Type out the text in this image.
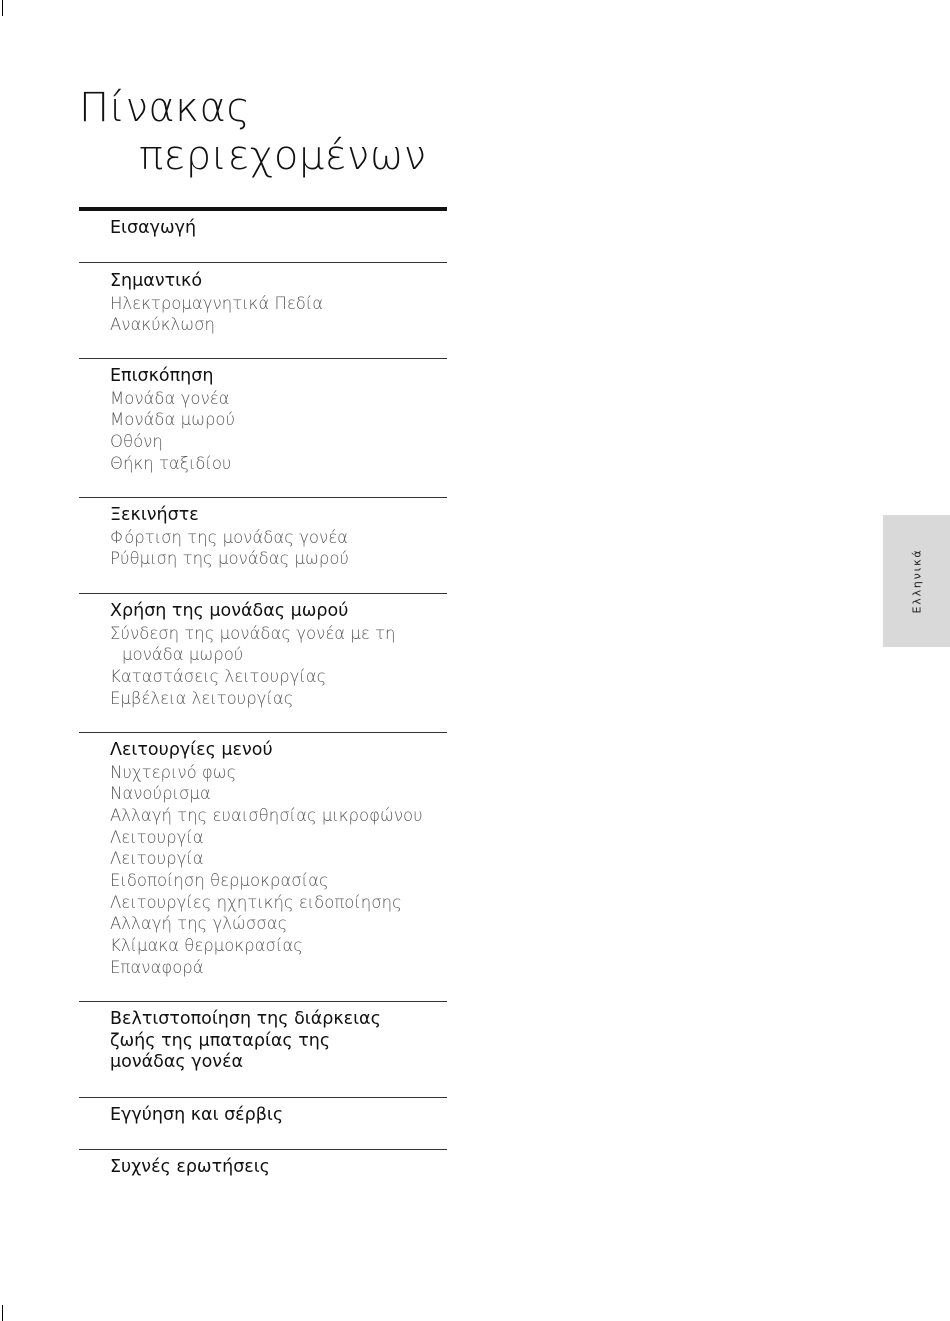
Πίνακας
περιεχομένων
Εισαγωγή
Σημαντικό
Ηλεκτρομαγνητικά Πεδία
Ανακύκλωση
Επισκόπηση
Μονάδα γονέα
Μονάδα μωρού
Οθόνη
Θήκη ταξιδίου
Ξεκινήστε
Φόρτιση της μονάδας γονέα
Ρύθμιση της μονάδας μωρού
Χρήση της μονάδας μωρού
Σύνδεση της μονάδας γονέα με τη
μονάδα μωρού
Καταστάσεις λειτουργίας
Εμβέλεια λειτουργίας
Λειτουργίες μενού
Νυχτερινό φως
Νανούρισμα
Αλλαγή της ευαισθησίας μικροφώνου
Λειτουργία
Λειτουργία
Ειδοποίηση θερμοκρασίας
Λειτουργίες ηχητικής ειδοποίησης
Αλλαγή της γλώσσας
Κλίμακα θερμοκρασίας
Επαναφορά
Βελτιστοποίηση της διάρκειας
ζωής της μπαταρίας της
μονάδας γονέα
Εγγύηση και σέρβις
Συχνές ερωτήσεις
Ελληνικά
